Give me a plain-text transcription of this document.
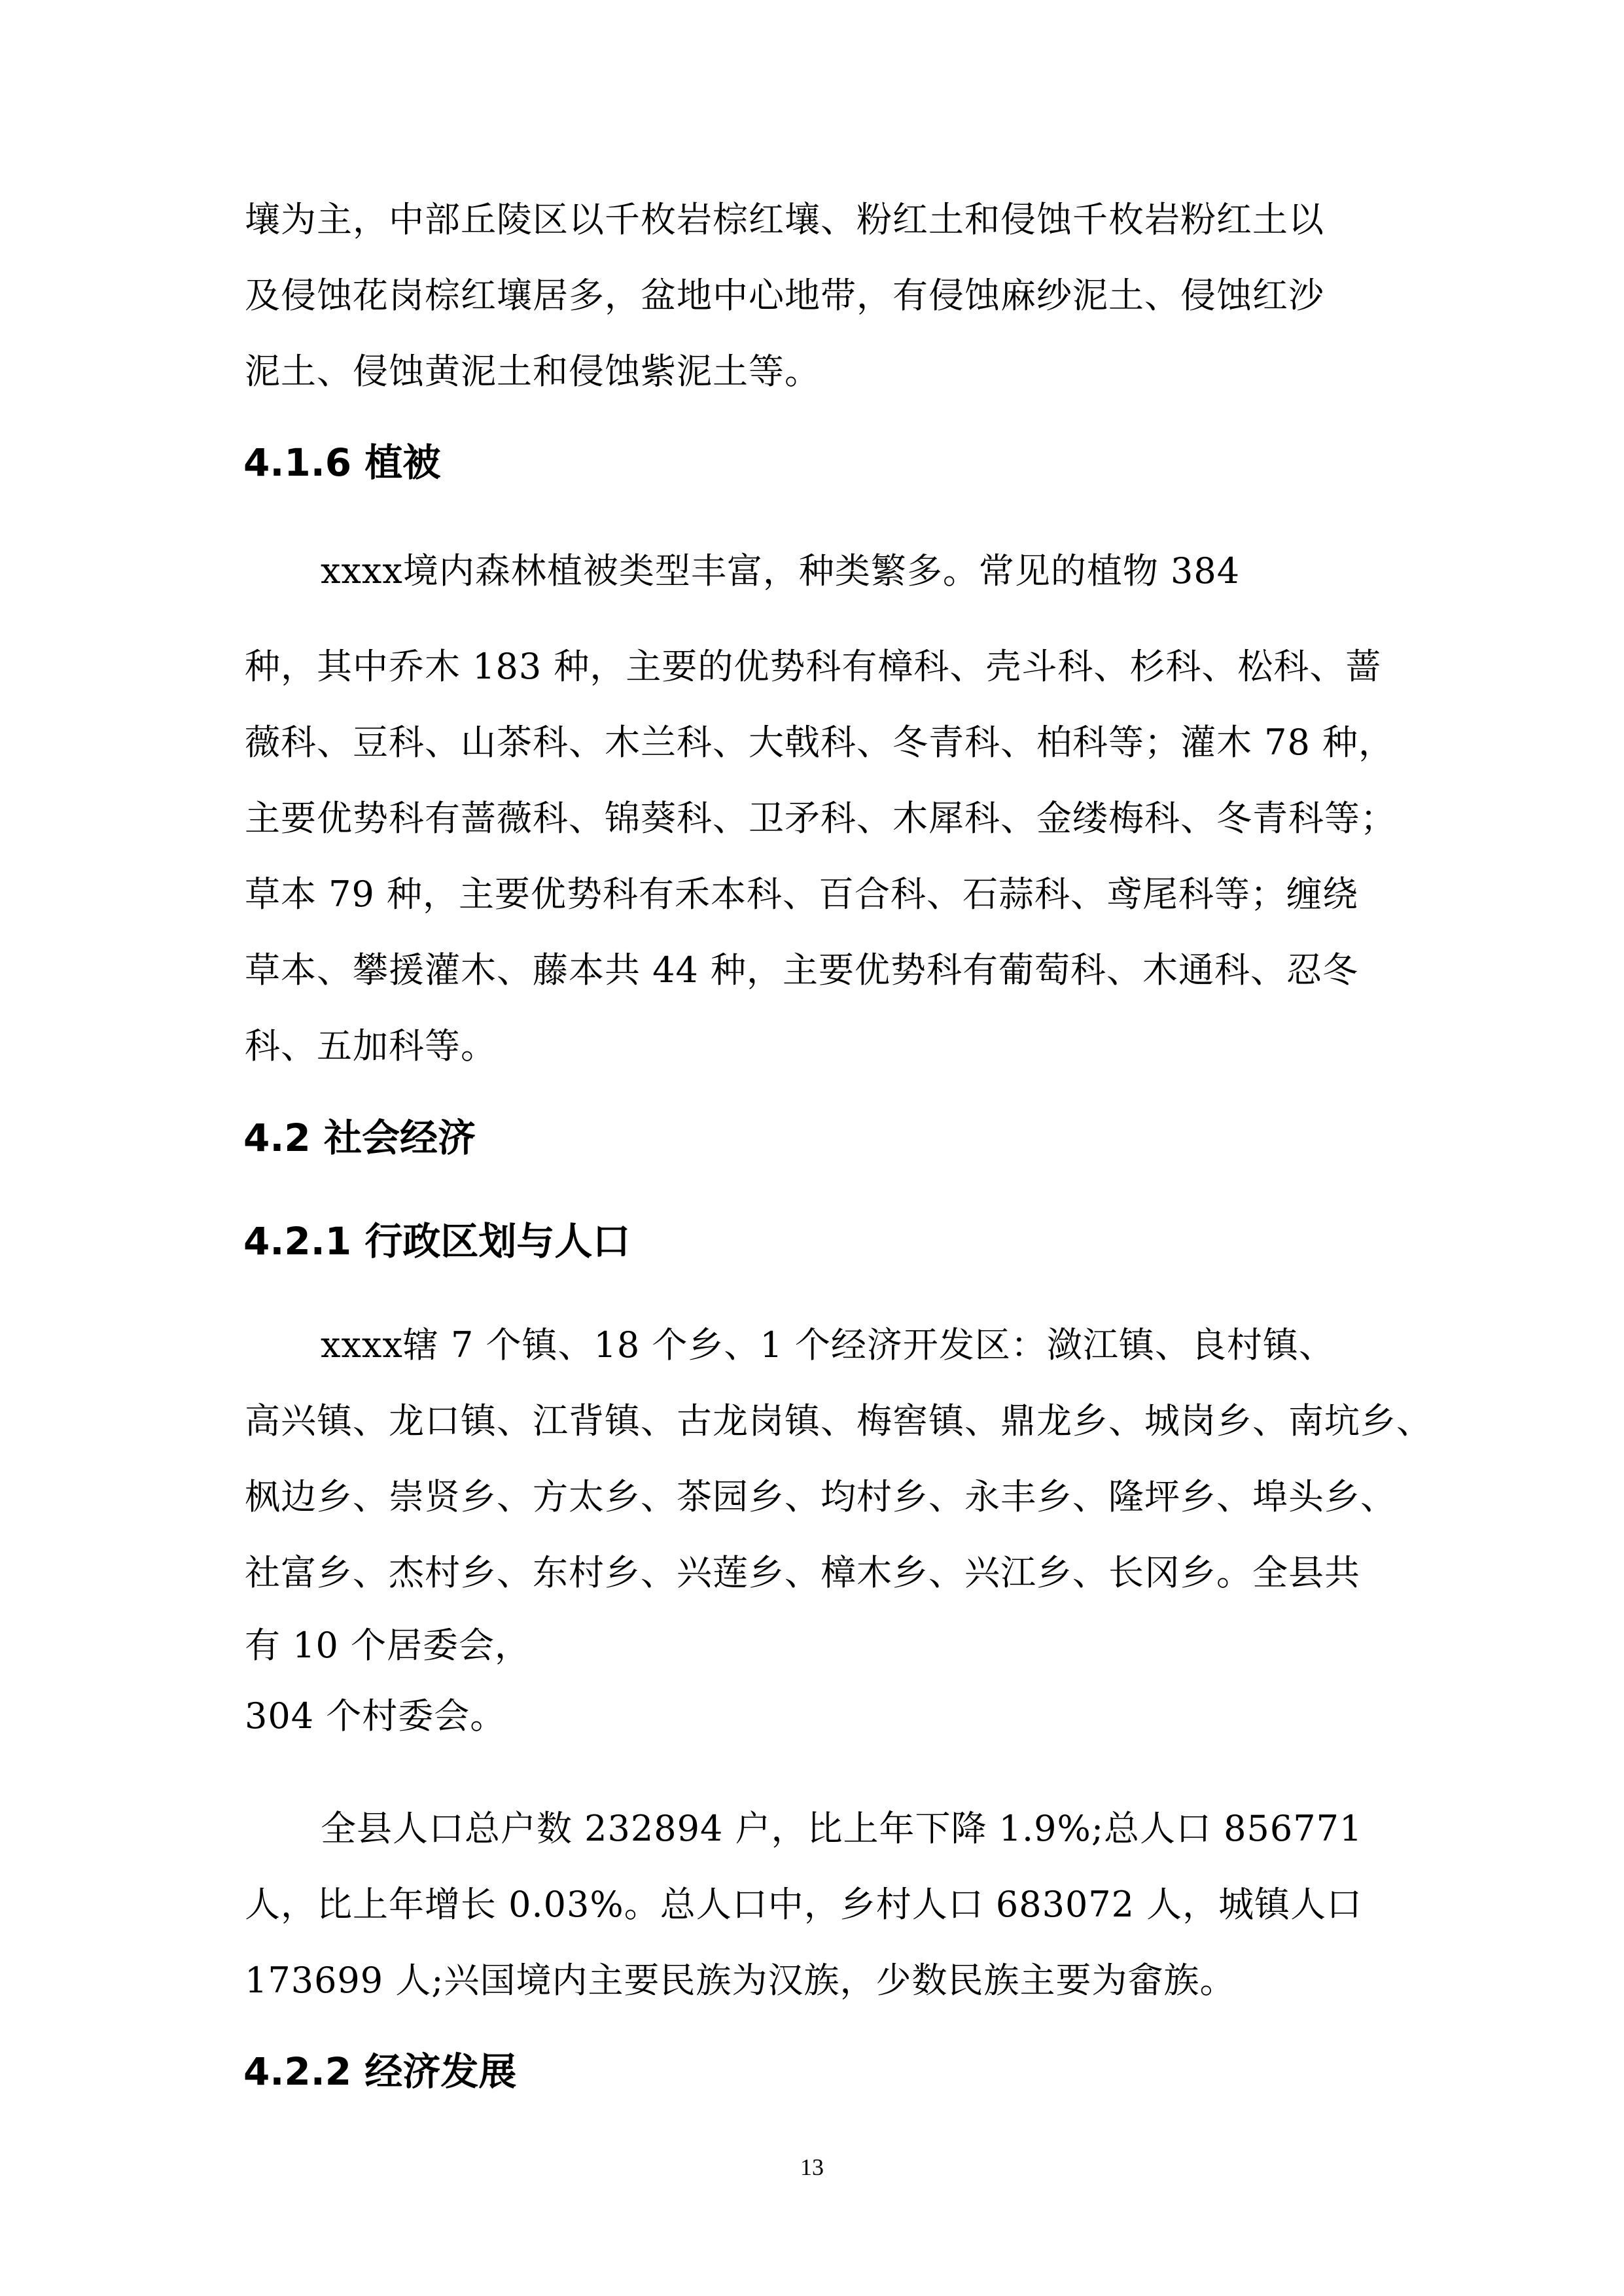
壤为主，中部丘陵区以千枚岩棕红壤、粉红土和侵蚀千枚岩粉红土以
及侵蚀花岗棕红壤居多，盆地中心地带，有侵蚀麻纱泥土、侵蚀红沙
泥土、侵蚀黄泥土和侵蚀紫泥土等。
4.1.6 植被
xxxx境内森林植被类型丰富，种类繁多。常见的植物 384
种，其中乔木 183 种，主要的优势科有樟科、壳斗科、杉科、松科、蔷
薇科、豆科、山茶科、木兰科、大戟科、冬青科、柏科等；灌木 78 种，
主要优势科有蔷薇科、锦葵科、卫矛科、木犀科、金缕梅科、冬青科等；
草本 79 种，主要优势科有禾本科、百合科、石蒜科、鸢尾科等；缠绕
草本、攀援灌木、藤本共 44 种，主要优势科有葡萄科、木通科、忍冬
科、五加科等。
4.2 社会经济
4.2.1 行政区划与人口
xxxx辖 7 个镇、18 个乡、1 个经济开发区：潋江镇、良村镇、
高兴镇、龙口镇、江背镇、古龙岗镇、梅窖镇、鼎龙乡、城岗乡、南坑乡、
枫边乡、崇贤乡、方太乡、茶园乡、均村乡、永丰乡、隆坪乡、埠头乡、
社富乡、杰村乡、东村乡、兴莲乡、樟木乡、兴江乡、长冈乡。全县共
有 10 个居委会，
304 个村委会。
全县人口总户数 232894 户，比上年下降 1.9%;总人口 856771
人，比上年增长 0.03%。总人口中，乡村人口 683072 人，城镇人口
173699 人;兴国境内主要民族为汉族，少数民族主要为畲族。
4.2.2 经济发展
13
